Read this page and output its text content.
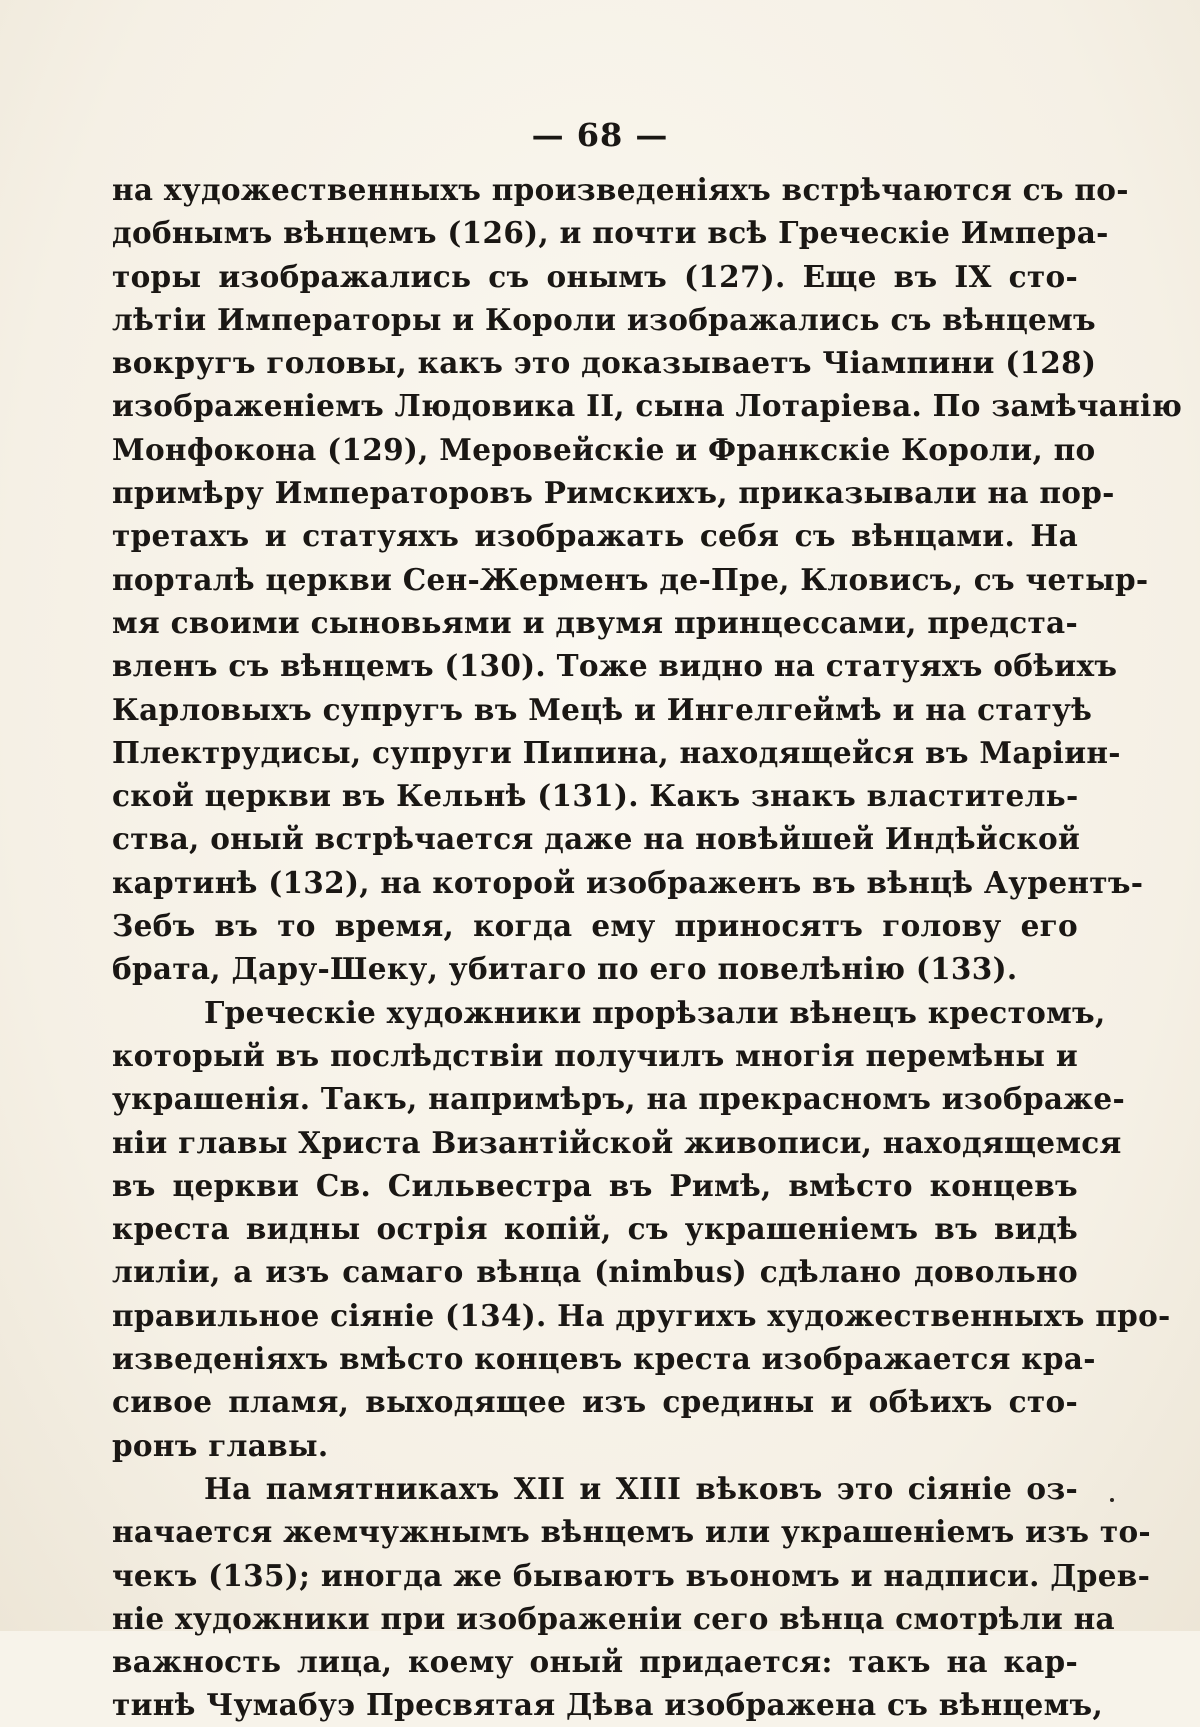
— 68 —
на художественныхъ произведеніяхъ встрѣчаются съ по-
добнымъ вѣнцемъ (126), и почти всѣ Греческіе Импера-
торы изображались съ онымъ (127). Еще въ IX сто-
лѣтіи Императоры и Короли изображались съ вѣнцемъ
вокругъ головы, какъ это доказываетъ Чіампини (128)
изображеніемъ Людовика II, сына Лотаріева. По замѣчанію
Монфокона (129), Меровейскіе и Франкскіе Короли, по
примѣру Императоровъ Римскихъ, приказывали на пор-
третахъ и статуяхъ изображать себя съ вѣнцами. На
порталѣ церкви Сен-Жерменъ де-Пре, Кловисъ, съ четыр-
мя своими сыновьями и двумя принцессами, предста-
вленъ съ вѣнцемъ (130). Тоже видно на статуяхъ обѣихъ
Карловыхъ супругъ въ Мецѣ и Ингелгеймѣ и на статуѣ
Плектрудисы, супруги Пипина, находящейся въ Маріин-
ской церкви въ Кельнѣ (131). Какъ знакъ властитель-
ства, оный встрѣчается даже на новѣйшей Индѣйской
картинѣ (132), на которой изображенъ въ вѣнцѣ Аурентъ-
Зебъ въ то время, когда ему приносятъ голову его
брата, Дару-Шеку, убитаго по его повелѣнію (133).
Греческіе художники прорѣзали вѣнецъ крестомъ,
который въ послѣдствіи получилъ многія перемѣны и
украшенія. Такъ, напримѣръ, на прекрасномъ изображе-
ніи главы Христа Византійской живописи, находящемся
въ церкви Св. Сильвестра въ Римѣ, вмѣсто концевъ
креста видны острія копій, съ украшеніемъ въ видѣ
лиліи, а изъ самаго вѣнца (nimbus) сдѣлано довольно
правильное сіяніе (134). На другихъ художественныхъ про-
изведеніяхъ вмѣсто концевъ креста изображается кра-
сивое пламя, выходящее изъ средины и обѣихъ сто-
ронъ главы.
На памятникахъ XII и XIII вѣковъ это сіяніе оз-
начается жемчужнымъ вѣнцемъ или украшеніемъ изъ то-
чекъ (135); иногда же бываютъ въономъ и надписи. Древ-
ніе художники при изображеніи сего вѣнца смотрѣли на
важность лица, коему оный придается: такъ на кар-
тинѣ Чумабуэ Пресвятая Дѣва изображена съ вѣнцемъ,
